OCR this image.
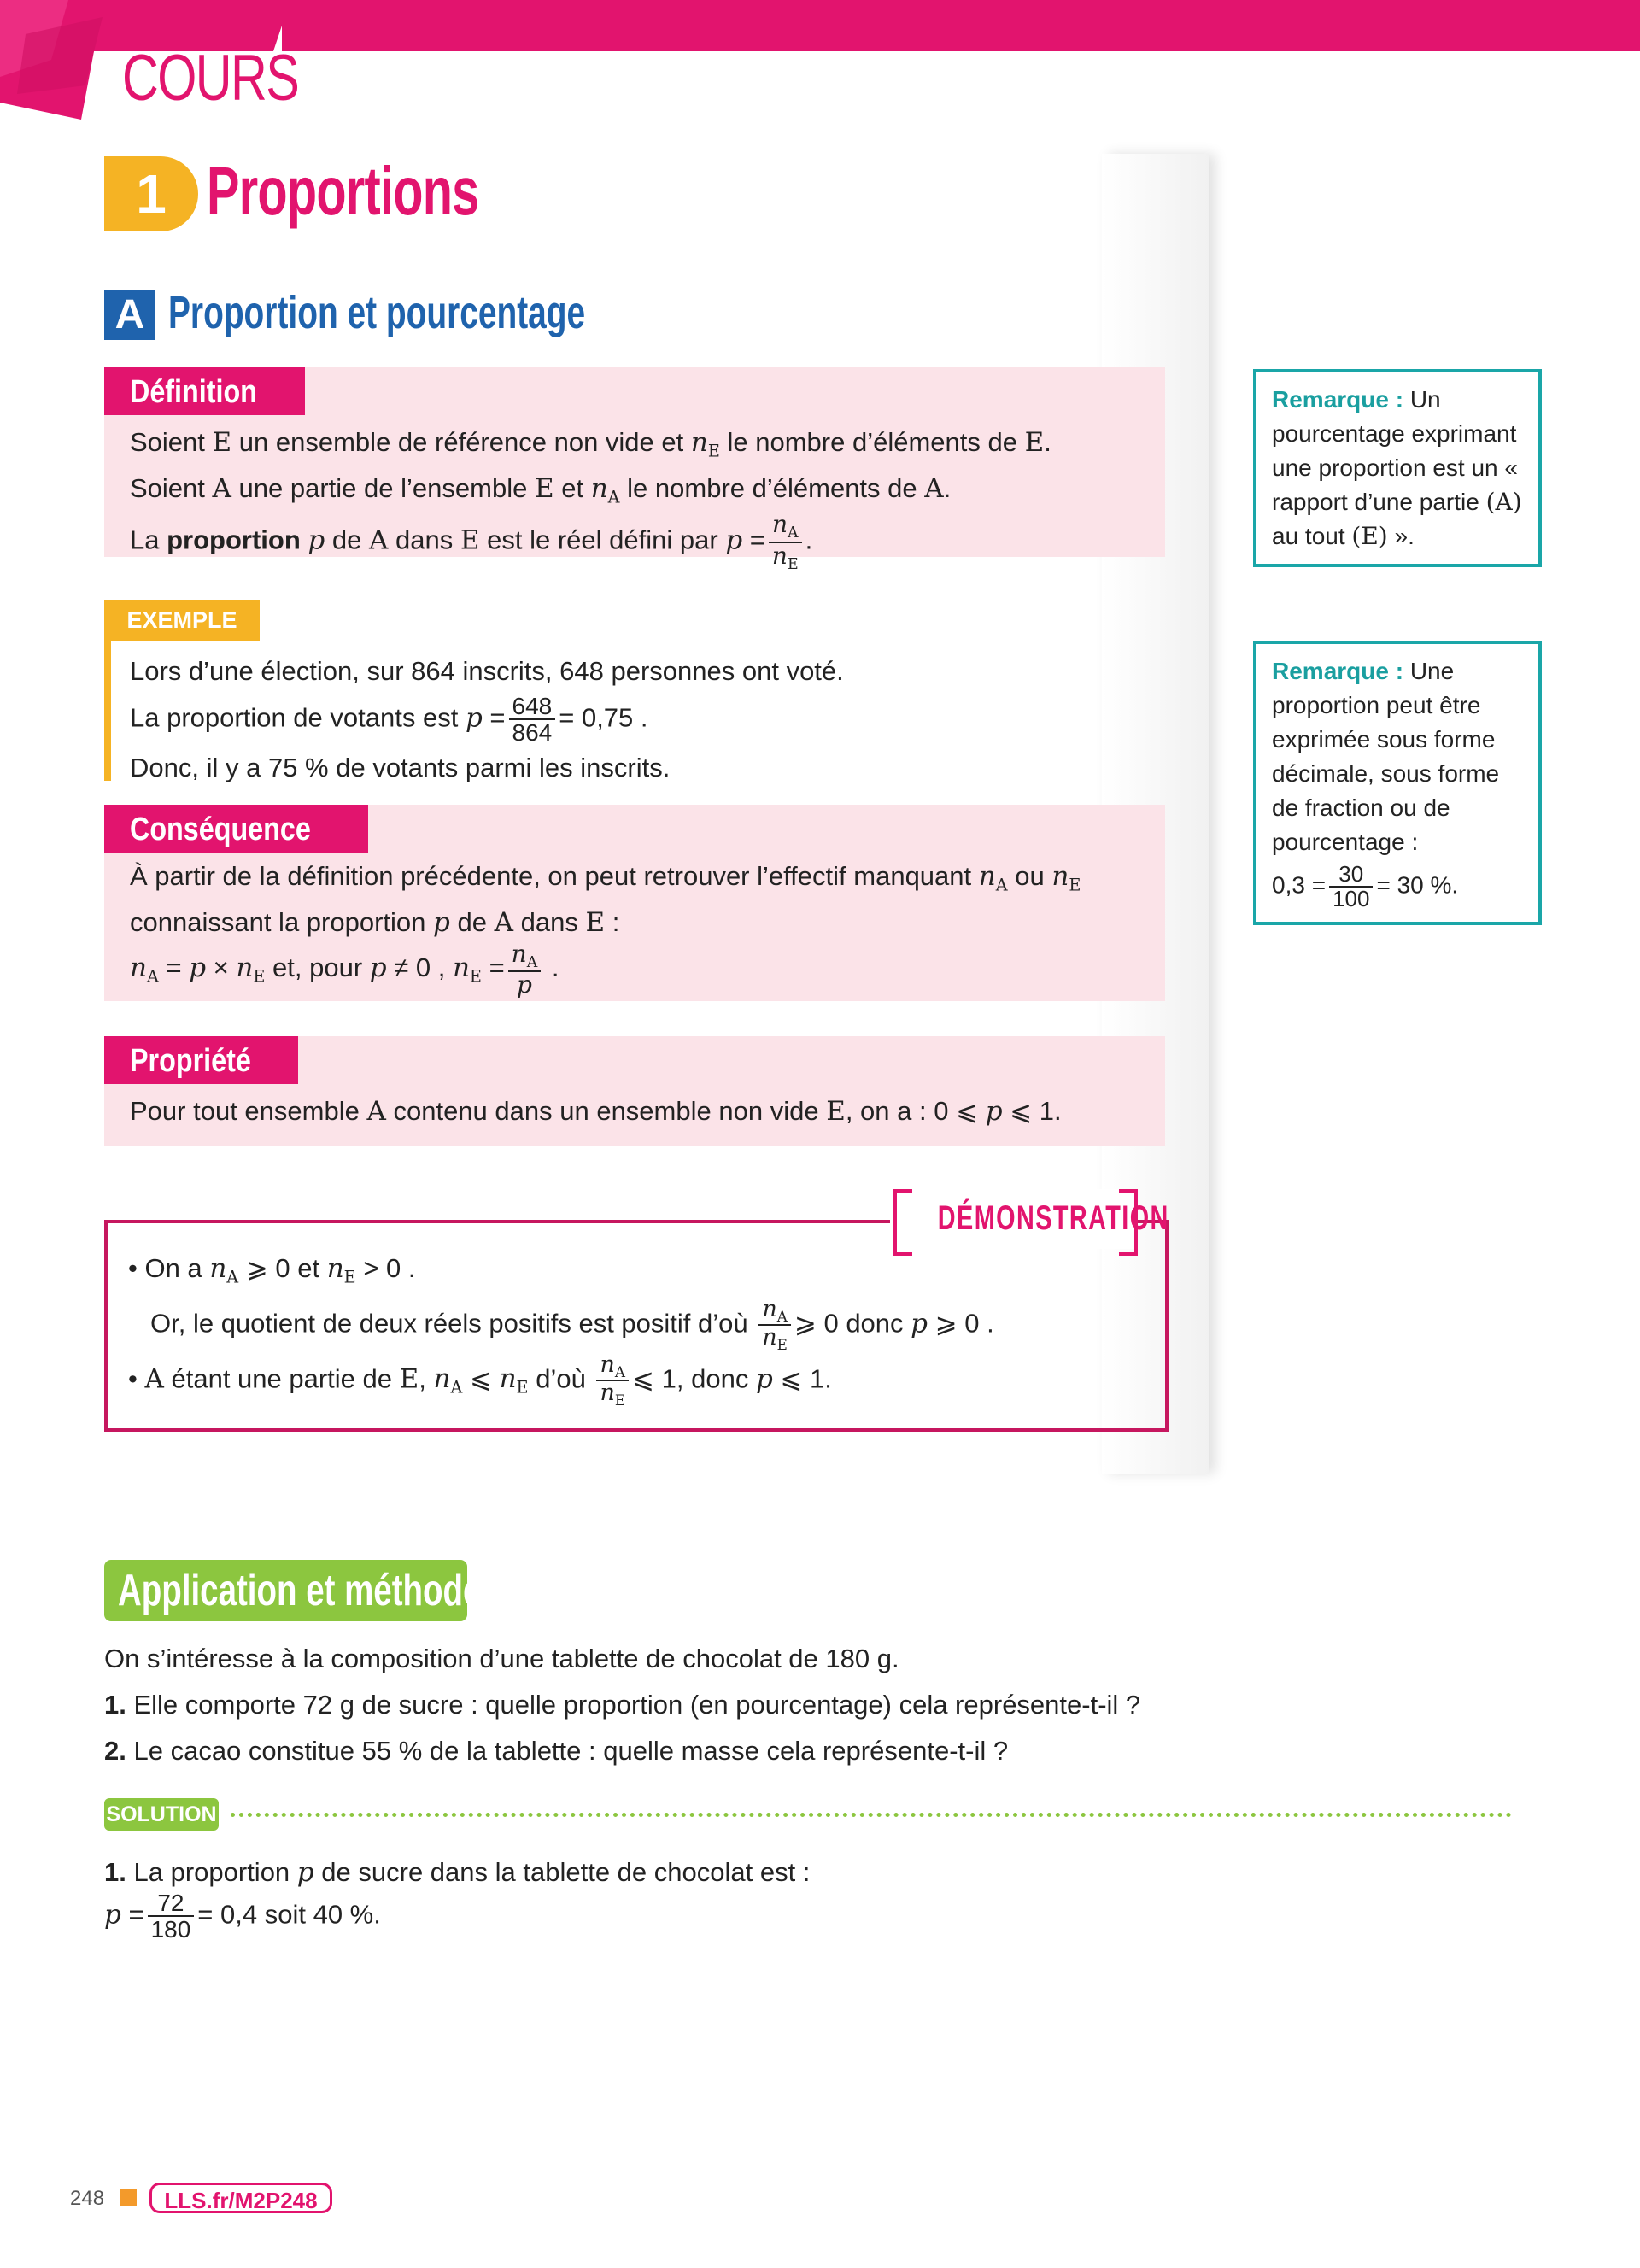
COURS
1 Proportions
A Proportion et pourcentage
Définition
Soient E un ensemble de référence non vide et $n_E$ le nombre d’éléments de E.
Soient A une partie de l’ensemble E et $n_A$ le nombre d’éléments de A.
La proportion p de A dans E est le réel défini par $p = \frac{n_A}{n_E}$ .
EXEMPLE
Lors d’une élection, sur 864 inscrits, 648 personnes ont voté.
La proportion de votants est $p = \frac{648}{864} = 0,75$ .
Donc, il y a 75 % de votants parmi les inscrits.
Conséquence
À partir de la définition précédente, on peut retrouver l’effectif manquant $n_A$ ou $n_E$
connaissant la proportion p de A dans E :
$n_A = p \times n_E$ et, pour p ≠ 0 , $n_E = \frac{n_A}{p}$ .
Propriété
Pour tout ensemble A contenu dans un ensemble non vide E, on a : 0 ⩽ p ⩽ 1.
DÉMONSTRATION
• On a $n_A$ ⩾ 0 et $n_E > 0$ .
Or, le quotient de deux réels positifs est positif d’où $\frac{n_A}{n_E}$ ⩾ 0 donc p ⩾ 0 .
• A étant une partie de E, $n_A$ ⩽ $n_E$ d’où $\frac{n_A}{n_E}$ ⩽ 1, donc p ⩽ 1.
Remarque : Un pourcentage exprimant une proportion est un « rapport d’une partie (A) au tout (E) ».
Remarque : Une proportion peut être exprimée sous forme décimale, sous forme de fraction ou de pourcentage :
$0,3 = \frac{30}{100} = 30$ %.
Application et méthode
On s’intéresse à la composition d’une tablette de chocolat de 180 g.
1. Elle comporte 72 g de sucre : quelle proportion (en pourcentage) cela représente-t-il ?
2. Le cacao constitue 55 % de la tablette : quelle masse cela représente-t-il ?
SOLUTION
1. La proportion p de sucre dans la tablette de chocolat est :
$p = \frac{72}{180} = 0,4$ soit 40 %.
248	LLS.fr/M2P248
